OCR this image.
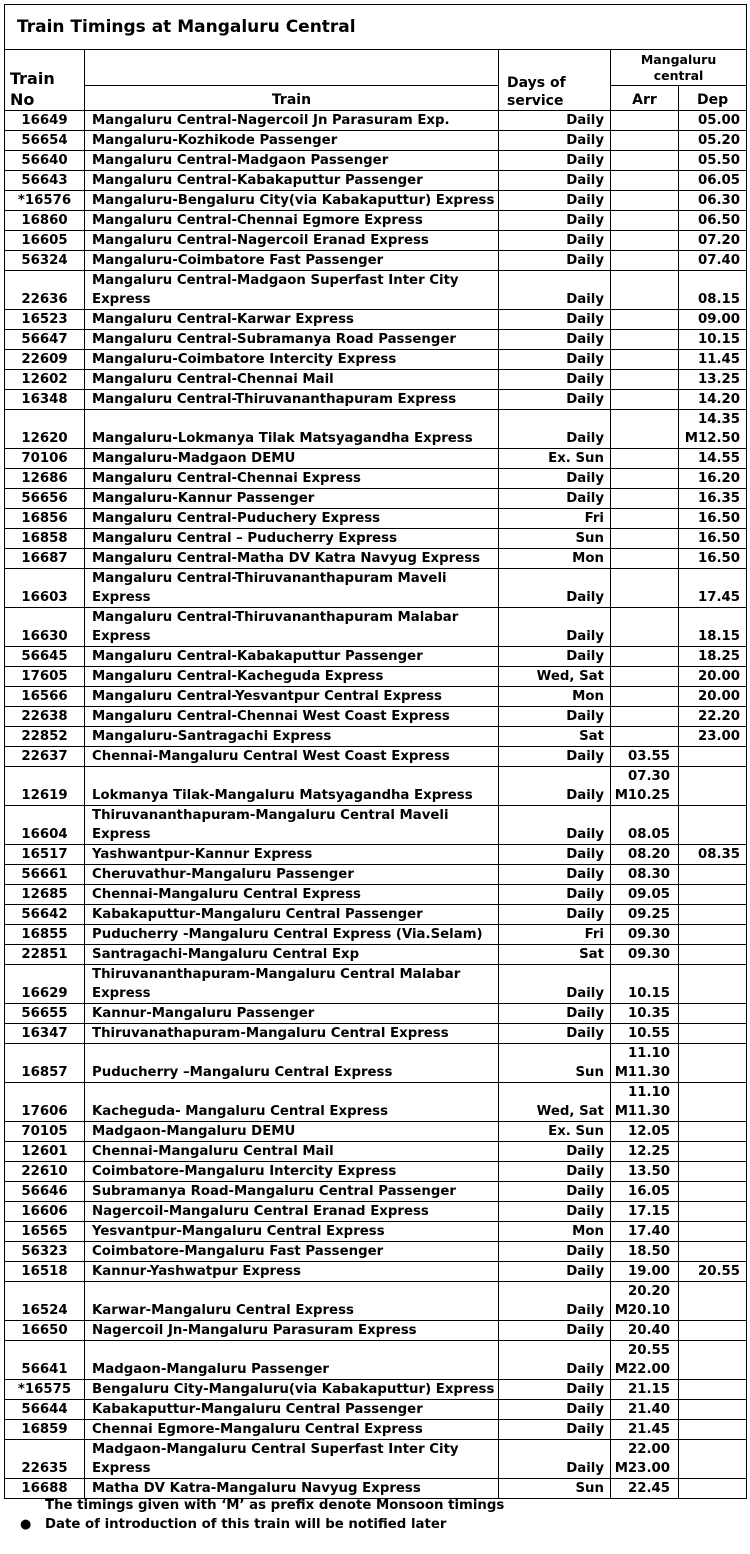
Train Timings at Mangaluru Central				
Train
No		Days of
service	Mangaluru
central	
	Train		Arr	Dep
16649	Mangaluru Central-Nagercoil Jn Parasuram Exp.	Daily		05.00
56654	Mangaluru-Kozhikode Passenger	Daily		05.20
56640	Mangaluru Central-Madgaon Passenger	Daily		05.50
56643	Mangaluru Central-Kabakaputtur Passenger	Daily		06.05
*16576	Mangaluru-Bengaluru City(via Kabakaputtur) Express	Daily		06.30
16860	Mangaluru Central-Chennai Egmore Express	Daily		06.50
16605	Mangaluru Central-Nagercoil Eranad Express	Daily		07.20
56324	Mangaluru-Coimbatore Fast Passenger	Daily		07.40
22636	Mangaluru Central-Madgaon Superfast Inter City
Express	Daily		08.15
16523	Mangaluru Central-Karwar Express	Daily		09.00
56647	Mangaluru Central-Subramanya Road Passenger	Daily		10.15
22609	Mangaluru-Coimbatore Intercity Express	Daily		11.45
12602	Mangaluru Central-Chennai Mail	Daily		13.25
16348	Mangaluru Central-Thiruvananthapuram Express	Daily		14.20
12620	Mangaluru-Lokmanya Tilak Matsyagandha Express	Daily		14.35
M12.50
70106	Mangaluru-Madgaon DEMU	Ex. Sun		14.55
12686	Mangaluru Central-Chennai Express	Daily		16.20
56656	Mangaluru-Kannur Passenger	Daily		16.35
16856	Mangaluru Central-Puduchery Express	Fri		16.50
16858	Mangaluru Central – Puducherry Express	Sun		16.50
16687	Mangaluru Central-Matha DV Katra Navyug Express	Mon		16.50
16603	Mangaluru Central-Thiruvananthapuram Maveli
Express	Daily		17.45
16630	Mangaluru Central-Thiruvananthapuram Malabar
Express	Daily		18.15
56645	Mangaluru Central-Kabakaputtur Passenger	Daily		18.25
17605	Mangaluru Central-Kacheguda Express	Wed, Sat		20.00
16566	Mangaluru Central-Yesvantpur Central Express	Mon		20.00
22638	Mangaluru Central-Chennai West Coast Express	Daily		22.20
22852	Mangaluru-Santragachi Express	Sat		23.00
22637	Chennai-Mangaluru Central West Coast Express	Daily	03.55	
12619	Lokmanya Tilak-Mangaluru Matsyagandha Express	Daily	07.30
M10.25	
16604	Thiruvananthapuram-Mangaluru Central Maveli
Express	Daily	08.05	
16517	Yashwantpur-Kannur Express	Daily	08.20	08.35
56661	Cheruvathur-Mangaluru Passenger	Daily	08.30	
12685	Chennai-Mangaluru Central Express	Daily	09.05	
56642	Kabakaputtur-Mangaluru Central Passenger	Daily	09.25	
16855	Puducherry -Mangaluru Central Express (Via.Selam)	Fri	09.30	
22851	Santragachi-Mangaluru Central Exp	Sat	09.30	
16629	Thiruvananthapuram-Mangaluru Central Malabar
Express	Daily	10.15	
56655	Kannur-Mangaluru Passenger	Daily	10.35	
16347	Thiruvanathapuram-Mangaluru Central Express	Daily	10.55	
16857	Puducherry –Mangaluru Central Express	Sun	11.10
M11.30	
17606	Kacheguda- Mangaluru Central Express	Wed, Sat	11.10
M11.30	
70105	Madgaon-Mangaluru DEMU	Ex. Sun	12.05	
12601	Chennai-Mangaluru Central Mail	Daily	12.25	
22610	Coimbatore-Mangaluru Intercity Express	Daily	13.50	
56646	Subramanya Road-Mangaluru Central Passenger	Daily	16.05	
16606	Nagercoil-Mangaluru Central Eranad Express	Daily	17.15	
16565	Yesvantpur-Mangaluru Central Express	Mon	17.40	
56323	Coimbatore-Mangaluru Fast Passenger	Daily	18.50	
16518	Kannur-Yashwatpur Express	Daily	19.00	20.55
16524	Karwar-Mangaluru Central Express	Daily	20.20
M20.10	
16650	Nagercoil Jn-Mangaluru Parasuram Express	Daily	20.40	
56641	Madgaon-Mangaluru Passenger	Daily	20.55
M22.00	
*16575	Bengaluru City-Mangaluru(via Kabakaputtur) Express	Daily	21.15	
56644	Kabakaputtur-Mangaluru Central Passenger	Daily	21.40	
16859	Chennai Egmore-Mangaluru Central Express	Daily	21.45	
22635	Madgaon-Mangaluru Central Superfast Inter City
Express	Daily	22.00
M23.00	
16688	Matha DV Katra-Mangaluru Navyug Express	Sun	22.45	
The timings given with ‘M’ as prefix denote Monsoon timings
●	Date of introduction of this train will be notified later
